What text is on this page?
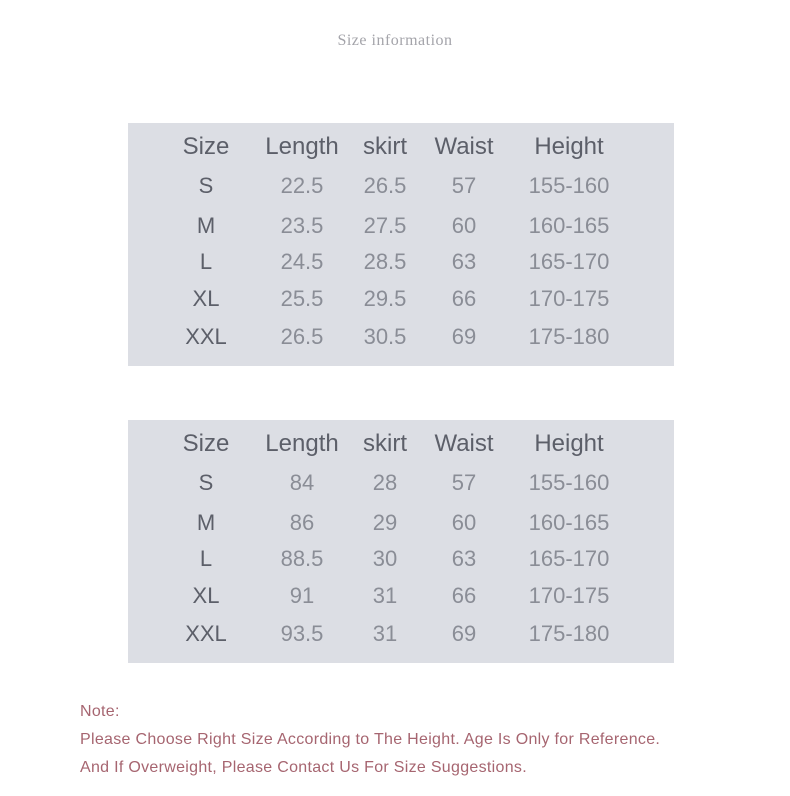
Size information
Size Length skirt Waist Height
S	22.5 26.5 57 155-160
M	23.5 27.5 60 160-165
L	24.5 28.5 63 165-170
XL	25.5 29.5 66 170-175
XXL 26.5 30.5 69 175-180
Size Length skirt Waist Height
S	84	28 57 155-160
M	86	29 60 160-165
L	88.5 30 63 165-170
XL	91	31 66 170-175
XXL 93.5 31 69 175-180
Note:
Please Choose Right Size According to The Height. Age Is Only for Reference.
And If Overweight, Please Contact Us For Size Suggestions.
